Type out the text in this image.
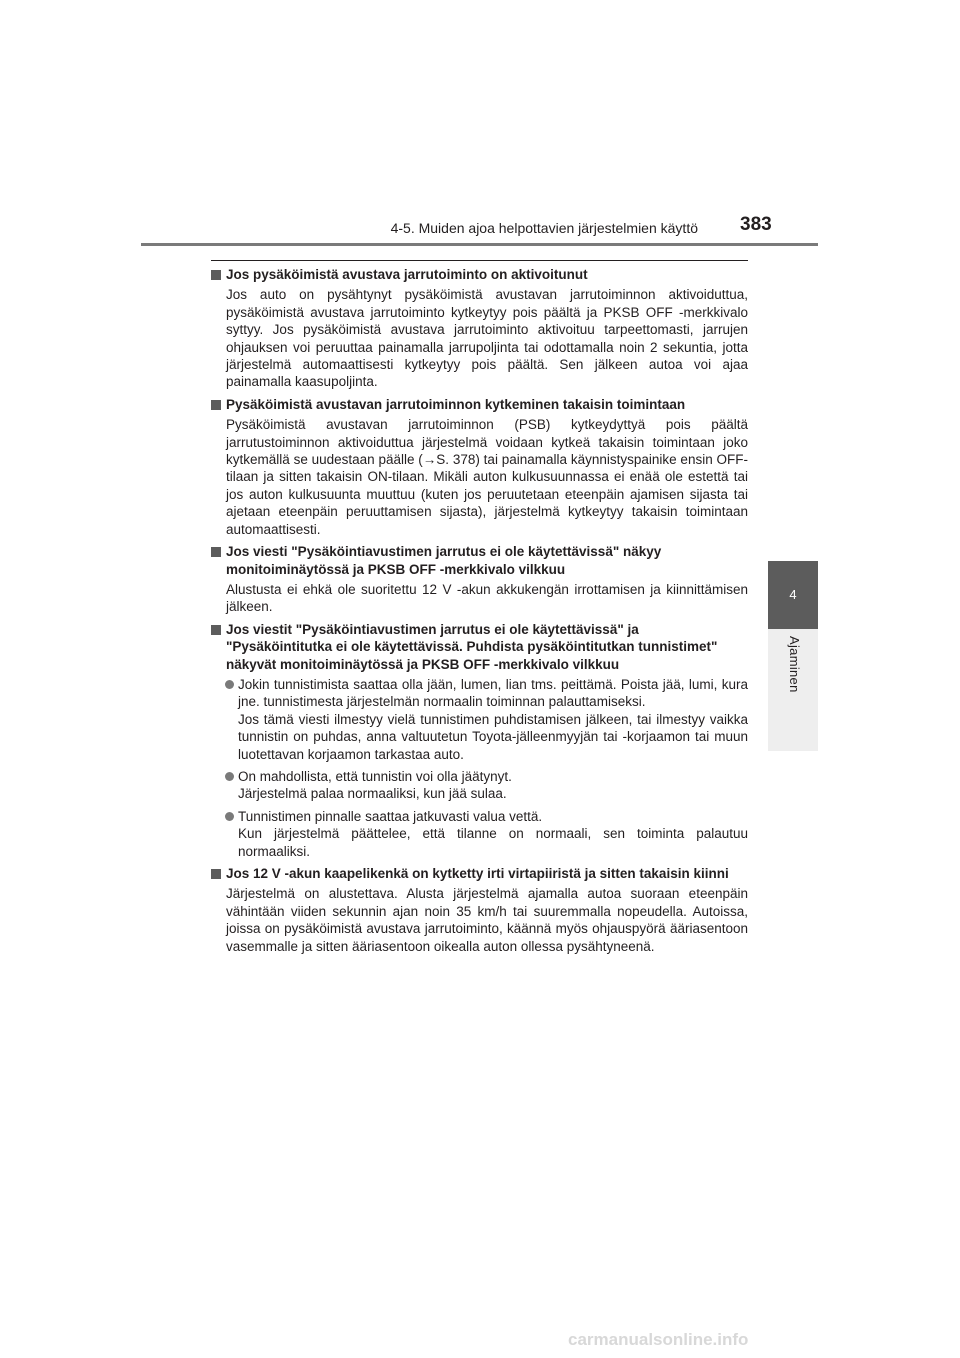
4-5. Muiden ajoa helpottavien järjestelmien käyttö 383
4
Ajaminen
Jos pysäköimistä avustava jarrutoiminto on aktivoitunut

Jos auto on pysähtynyt pysäköimistä avustavan jarrutoiminnon aktivoiduttua, pysäköimistä avustava jarrutoiminto kytkeytyy pois päältä ja PKSB OFF -merkkivalo syttyy. Jos pysäköimistä avustava jarrutoiminto aktivoituu tarpeettomasti, jarrujen ohjauksen voi peruuttaa painamalla jarrupoljinta tai odottamalla noin 2 sekuntia, jotta järjestelmä automaattisesti kytkeytyy pois päältä. Sen jälkeen autoa voi ajaa painamalla kaasupoljinta.

Pysäköimistä avustavan jarrutoiminnon kytkeminen takaisin toimintaan

Pysäköimistä avustavan jarrutoiminnon (PSB) kytkeydyttyä pois päältä jarrutustoiminnon aktivoiduttua järjestelmä voidaan kytkeä takaisin toimintaan joko kytkemällä se uudestaan päälle (→S. 378) tai painamalla käynnistyspainike ensin OFF-tilaan ja sitten takaisin ON-tilaan. Mikäli auton kulkusuunnassa ei enää ole estettä tai jos auton kulkusuunta muuttuu (kuten jos peruutetaan eteenpäin ajamisen sijasta tai ajetaan eteenpäin peruuttamisen sijasta), järjestelmä kytkeytyy takaisin toimintaan automaattisesti.

Jos viesti "Pysäköintiavustimen jarrutus ei ole käytettävissä" näkyy monitoiminäytössä ja PKSB OFF -merkkivalo vilkkuu

Alustusta ei ehkä ole suoritettu 12 V -akun akkukengän irrottamisen ja kiinnittämisen jälkeen.

Jos viestit "Pysäköintiavustimen jarrutus ei ole käytettävissä" ja "Pysäköintitutka ei ole käytettävissä. Puhdista pysäköintitutkan tunnistimet" näkyvät monitoiminäytössä ja PKSB OFF -merkkivalo vilkkuu

Jokin tunnistimista saattaa olla jään, lumen, lian tms. peittämä. Poista jää, lumi, kura jne. tunnistimesta järjestelmän normaalin toiminnan palauttamiseksi.

Jos tämä viesti ilmestyy vielä tunnistimen puhdistamisen jälkeen, tai ilmestyy vaikka tunnistin on puhdas, anna valtuutetun Toyota-jälleenmyyjän tai -korjaamon tai muun luotettavan korjaamon tarkastaa auto.

On mahdollista, että tunnistin voi olla jäätynyt.

Järjestelmä palaa normaaliksi, kun jää sulaa.

Tunnistimen pinnalle saattaa jatkuvasti valua vettä.

Kun järjestelmä päättelee, että tilanne on normaali, sen toiminta palautuu normaaliksi.

Jos 12 V -akun kaapelikenkä on kytketty irti virtapiiristä ja sitten takaisin kiinni

Järjestelmä on alustettava. Alusta järjestelmä ajamalla autoa suoraan eteenpäin vähintään viiden sekunnin ajan noin 35 km/h tai suuremmalla nopeudella. Autoissa, joissa on pysäköimistä avustava jarrutoiminto, käännä myös ohjauspyörä ääriasentoon vasemmalle ja sitten ääriasentoon oikealla auton ollessa pysähtyneenä.

carmanualsonline.info
